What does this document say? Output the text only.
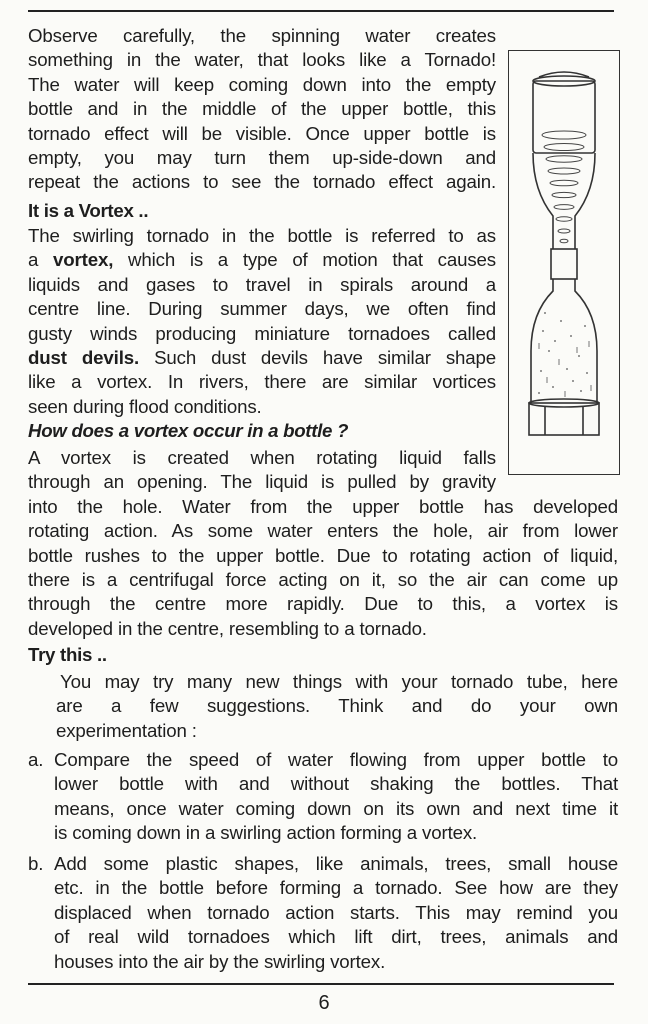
Observe carefully, the spinning water creates
something in the water, that looks like a Tornado!
The water will keep coming down into the empty
bottle and in the middle of the upper bottle, this
tornado effect will be visible. Once upper bottle is
empty, you may turn them up-side-down and
repeat the actions to see the tornado effect again.
It is a Vortex ..
The swirling tornado in the bottle is referred to as
a vortex, which is a type of motion that causes
liquids and gases to travel in spirals around a
centre line. During summer days, we often find
gusty winds producing miniature tornadoes called
dust devils. Such dust devils have similar shape
like a vortex. In rivers, there are similar vortices
seen during flood conditions.
How does a vortex occur in a bottle ?
A vortex is created when rotating liquid falls
through an opening. The liquid is pulled by gravity
into the hole. Water from the upper bottle has developed
rotating action. As some water enters the hole, air from lower
bottle rushes to the upper bottle. Due to rotating action of liquid,
there is a centrifugal force acting on it, so the air can come up
through the centre more rapidly. Due to this, a vortex is
developed in the centre, resembling to a tornado.
Try this ..
You may try many new things with your tornado tube, here
are a few suggestions. Think and do your own
experimentation :
a. Compare the speed of water flowing from upper bottle to
lower bottle with and without shaking the bottles. That
means, once water coming down on its own and next time it
is coming down in a swirling action forming a vortex.
b. Add some plastic shapes, like animals, trees, small house
etc. in the bottle before forming a tornado. See how are they
displaced when tornado action starts. This may remind you
of real wild tornadoes which lift dirt, trees, animals and
houses into the air by the swirling vortex.
6
